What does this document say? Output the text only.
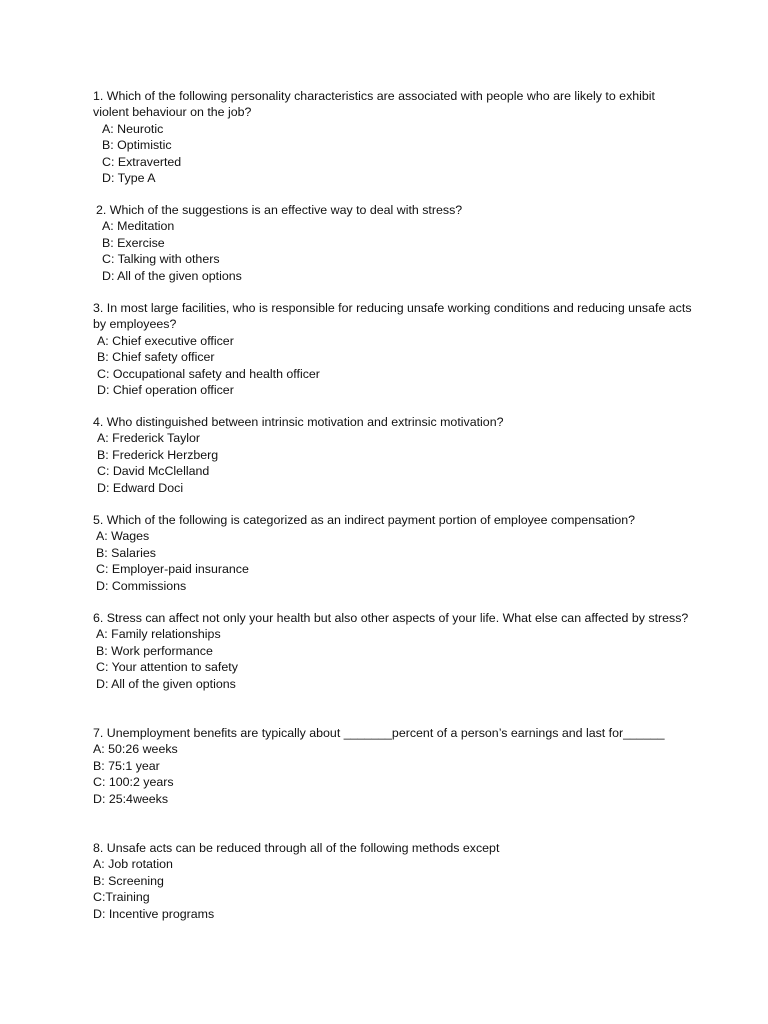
1. Which of the following personality characteristics are associated with people who are likely to exhibit violent behaviour on the job?

A: Neurotic
B: Optimistic
C: Extraverted
D: Type A

2. Which of the suggestions is an effective way to deal with stress?

A: Meditation
B: Exercise
C: Talking with others
D: All of the given options

3. In most large facilities, who is responsible for reducing unsafe working conditions and reducing unsafe acts by employees?

A: Chief executive officer
B: Chief safety officer
C: Occupational safety and health officer
D: Chief operation officer

4. Who distinguished between intrinsic motivation and extrinsic motivation?

A: Frederick Taylor
B: Frederick Herzberg
C: David McClelland
D: Edward Doci

5. Which of the following is categorized as an indirect payment portion of employee compensation?

A: Wages
B: Salaries
C: Employer-paid insurance
D: Commissions

6. Stress can affect not only your health but also other aspects of your life. What else can affected by stress?

A: Family relationships
B: Work performance
C: Your attention to safety
D: All of the given options

7. Unemployment benefits are typically about _______percent of a person’s earnings and last for______

A: 50:26 weeks
B: 75:1 year
C: 100:2 years
D: 25:4weeks

8. Unsafe acts can be reduced through all of the following methods except

A: Job rotation
B: Screening
C:Training
D: Incentive programs
